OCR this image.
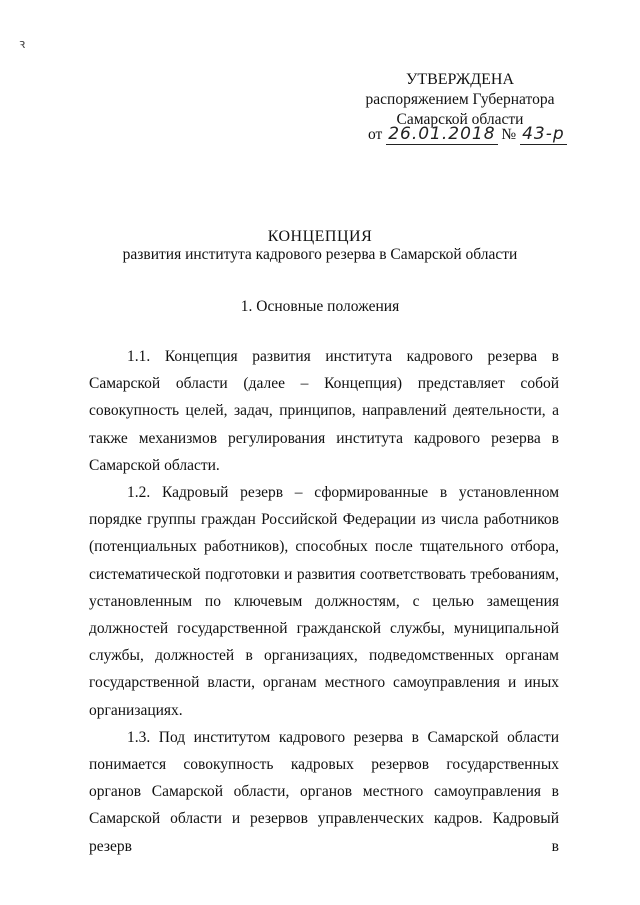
ꝛ
УТВЕРЖДЕНА
распоряжением Губернатора
Самарской области
от 26.01.2018 № 43-р
КОНЦЕПЦИЯ
развития института кадрового резерва в Самарской области
1. Основные положения

1.1. Концепция развития института кадрового резерва в Самарской области (далее – Концепция) представляет собой совокупность целей, задач, принципов, направлений деятельности, а также механизмов регулирования института кадрового резерва в Самарской области.

1.2. Кадровый резерв – сформированные в установленном порядке группы граждан Российской Федерации из числа работников (потенциальных работников), способных после тщательного отбора, систематической подготовки и развития соответствовать требованиям, установленным по ключевым должностям, с целью замещения должностей государственной гражданской службы, муниципальной службы, должностей в организациях, подведомственных органам государственной власти, органам местного самоуправления и иных организациях.

1.3. Под институтом кадрового резерва в Самарской области понимается совокупность кадровых резервов государственных органов Самарской области, органов местного самоуправления в Самарской области и резервов управленческих кадров. Кадровый резерв в
